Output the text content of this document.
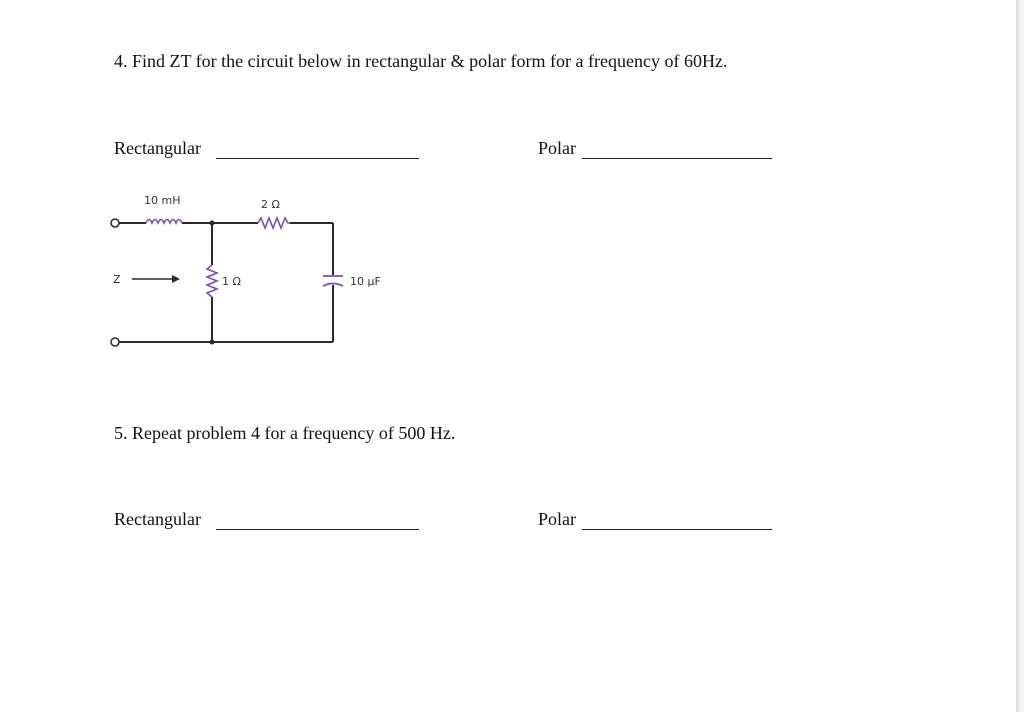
4. Find ZT for the circuit below in rectangular & polar form for a frequency of 60Hz.
Rectangular	Polar
10 mH	2 Ω
1 Ω	10 μF
Z
5. Repeat problem 4 for a frequency of 500 Hz.
Rectangular	Polar
